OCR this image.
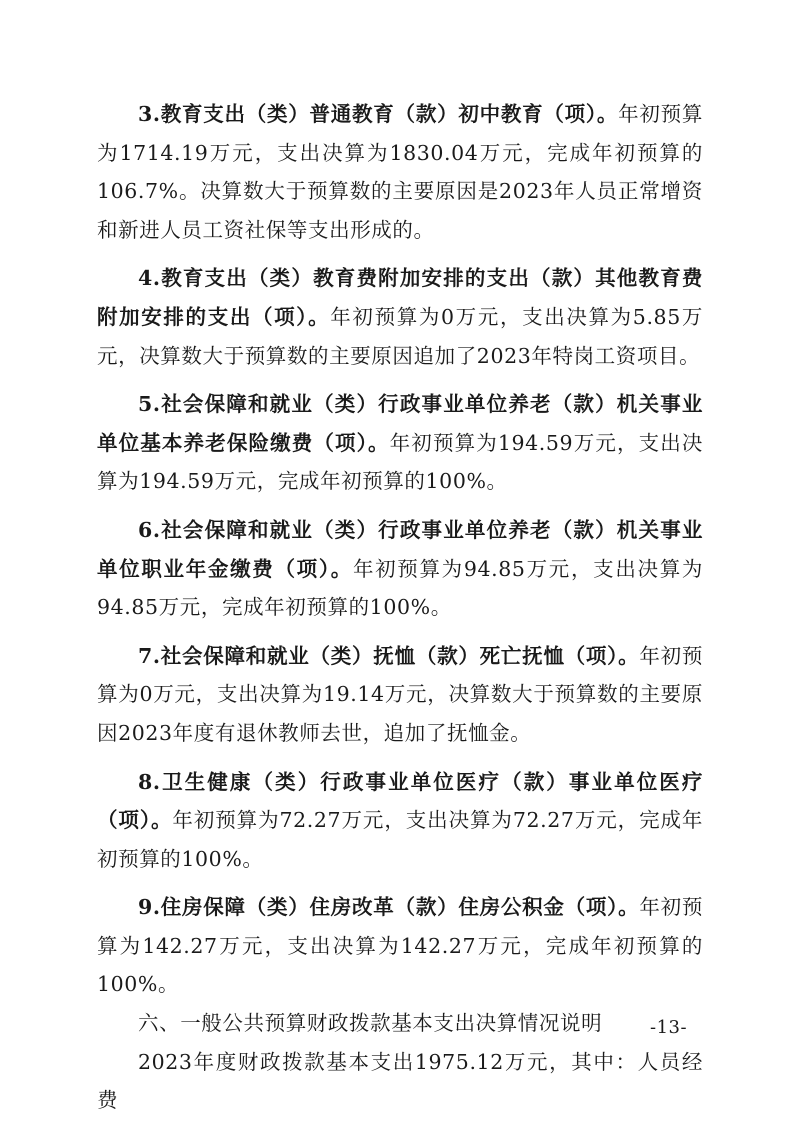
3.教育支出（类）普通教育（款）初中教育（项）。年初预算为1714.19万元，支出决算为1830.04万元，完成年初预算的106.7%。决算数大于预算数的主要原因是2023年人员正常增资和新进人员工资社保等支出形成的。

4.教育支出（类）教育费附加安排的支出（款）其他教育费附加安排的支出（项）。年初预算为0万元，支出决算为5.85万元，决算数大于预算数的主要原因追加了2023年特岗工资项目。

5.社会保障和就业（类）行政事业单位养老（款）机关事业单位基本养老保险缴费（项）。年初预算为194.59万元，支出决算为194.59万元，完成年初预算的100%。

6.社会保障和就业（类）行政事业单位养老（款）机关事业单位职业年金缴费（项）。年初预算为94.85万元，支出决算为94.85万元，完成年初预算的100%。

7.社会保障和就业（类）抚恤（款）死亡抚恤（项）。年初预算为0万元，支出决算为19.14万元，决算数大于预算数的主要原因2023年度有退休教师去世，追加了抚恤金。

8.卫生健康（类）行政事业单位医疗（款）事业单位医疗（项）。年初预算为72.27万元，支出决算为72.27万元，完成年初预算的100%。

9.住房保障（类）住房改革（款）住房公积金（项）。年初预算为142.27万元，支出决算为142.27万元，完成年初预算的100%。

六、一般公共预算财政拨款基本支出决算情况说明

2023年度财政拨款基本支出1975.12万元，其中：人员经费

-13-
